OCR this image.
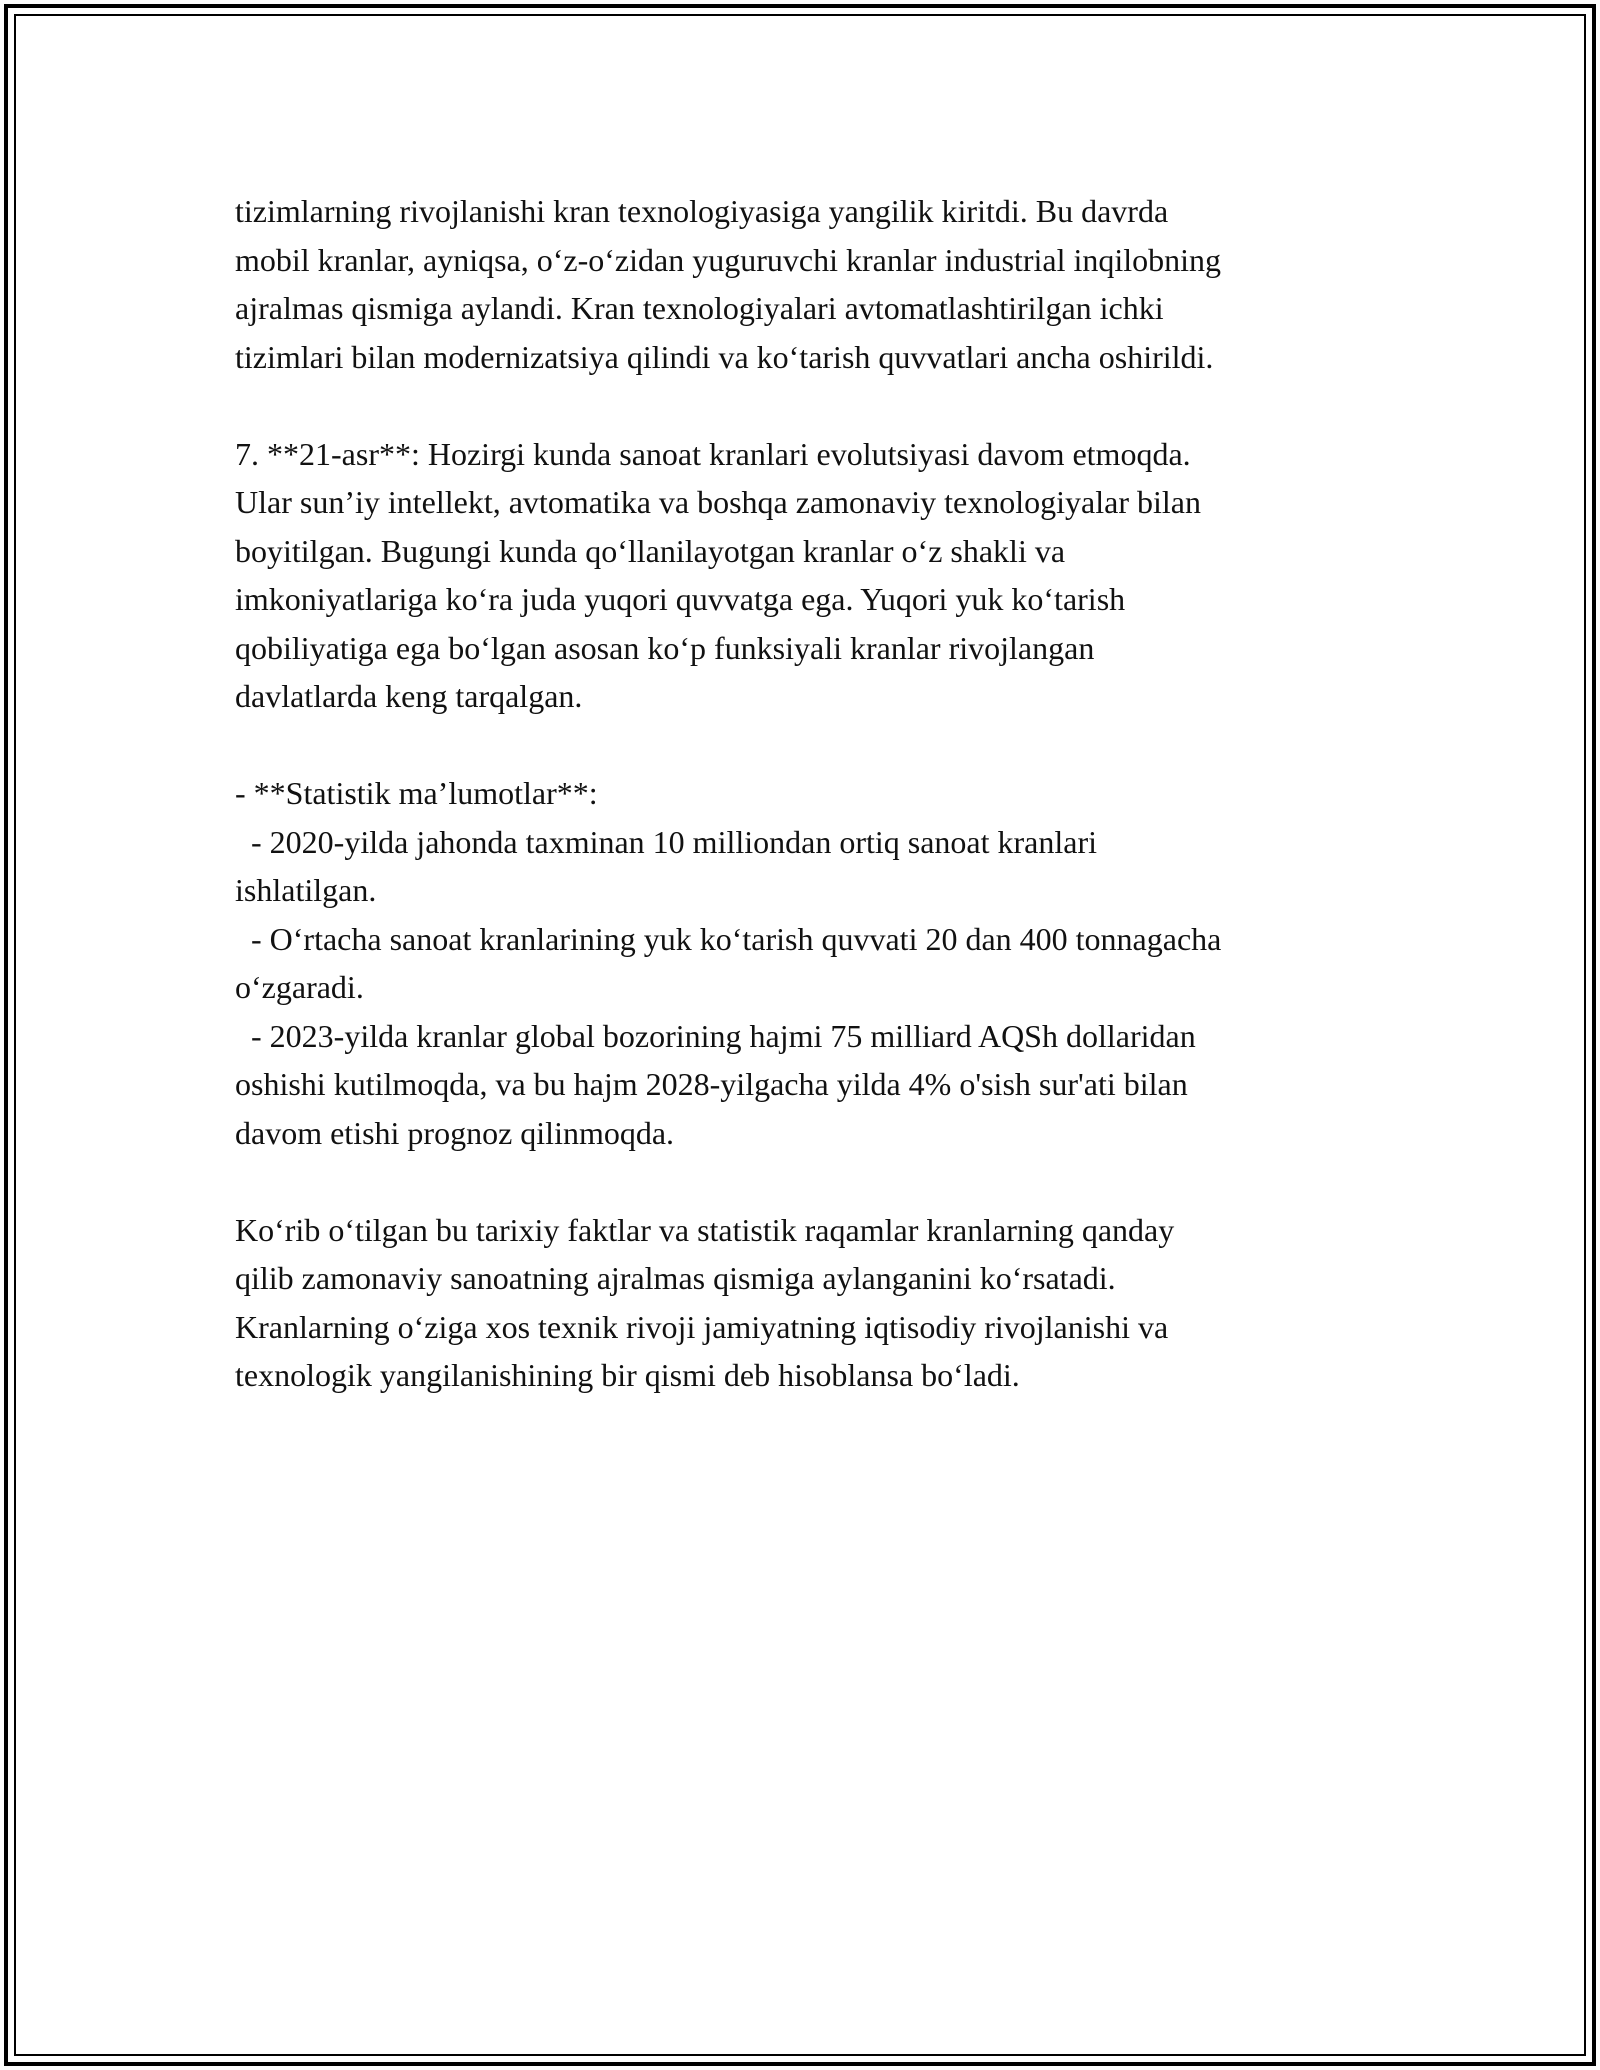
tizimlarning rivojlanishi kran texnologiyasiga yangilik kiritdi. Bu davrda
mobil kranlar, ayniqsa, o‘z-o‘zidan yuguruvchi kranlar industrial inqilobning
ajralmas qismiga aylandi. Kran texnologiyalari avtomatlashtirilgan ichki
tizimlari bilan modernizatsiya qilindi va ko‘tarish quvvatlari ancha oshirildi.
7. **21-asr**: Hozirgi kunda sanoat kranlari evolutsiyasi davom etmoqda.
Ular sun’iy intellekt, avtomatika va boshqa zamonaviy texnologiyalar bilan
boyitilgan. Bugungi kunda qo‘llanilayotgan kranlar o‘z shakli va
imkoniyatlariga ko‘ra juda yuqori quvvatga ega. Yuqori yuk ko‘tarish
qobiliyatiga ega bo‘lgan asosan ko‘p funksiyali kranlar rivojlangan
davlatlarda keng tarqalgan.
- **Statistik ma’lumotlar**:
- 2020-yilda jahonda taxminan 10 milliondan ortiq sanoat kranlari
ishlatilgan.
- O‘rtacha sanoat kranlarining yuk ko‘tarish quvvati 20 dan 400 tonnagacha
o‘zgaradi.
- 2023-yilda kranlar global bozorining hajmi 75 milliard AQSh dollaridan
oshishi kutilmoqda, va bu hajm 2028-yilgacha yilda 4% o'sish sur'ati bilan
davom etishi prognoz qilinmoqda.
Ko‘rib o‘tilgan bu tarixiy faktlar va statistik raqamlar kranlarning qanday
qilib zamonaviy sanoatning ajralmas qismiga aylanganini ko‘rsatadi.
Kranlarning o‘ziga xos texnik rivoji jamiyatning iqtisodiy rivojlanishi va
texnologik yangilanishining bir qismi deb hisoblansa bo‘ladi.
